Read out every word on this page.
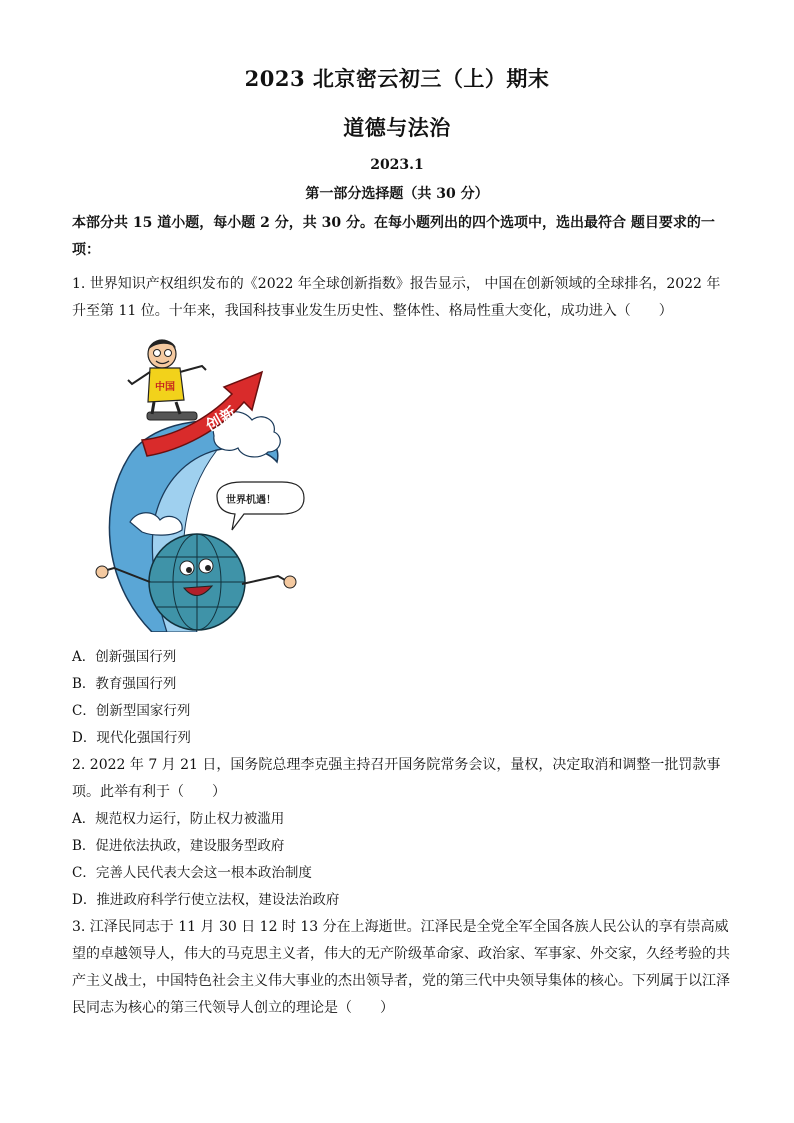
2023 北京密云初三（上）期末
道德与法治
2023.1
第一部分选择题（共 30 分）
本部分共 15 道小题，每小题 2 分，共 30 分。在每小题列出的四个选项中，选出最符合 题目要求的一项：
1. 世界知识产权组织发布的《2022 年全球创新指数》报告显示， 中国在创新领域的全球排名，2022 年升至第 11 位。十年来，我国科技事业发生历史性、整体性、格局性重大变化，成功进入（　　）
创新
中国
世界机遇！
A．创新强国行列
B．教育强国行列
C．创新型国家行列
D．现代化强国行列
2. 2022 年 7 月 21 日，国务院总理李克强主持召开国务院常务会议，量权，决定取消和调整一批罚款事项。此举有利于（　　）
A．规范权力运行，防止权力被滥用
B．促进依法执政，建设服务型政府
C．完善人民代表大会这一根本政治制度
D．推进政府科学行使立法权，建设法治政府
3. 江泽民同志于 11 月 30 日 12 时 13 分在上海逝世。江泽民是全党全军全国各族人民公认的享有崇高威望的卓越领导人，伟大的马克思主义者，伟大的无产阶级革命家、政治家、军事家、外交家，久经考验的共产主义战士，中国特色社会主义伟大事业的杰出领导者，党的第三代中央领导集体的核心。下列属于以江泽民同志为核心的第三代领导人创立的理论是（　　）
